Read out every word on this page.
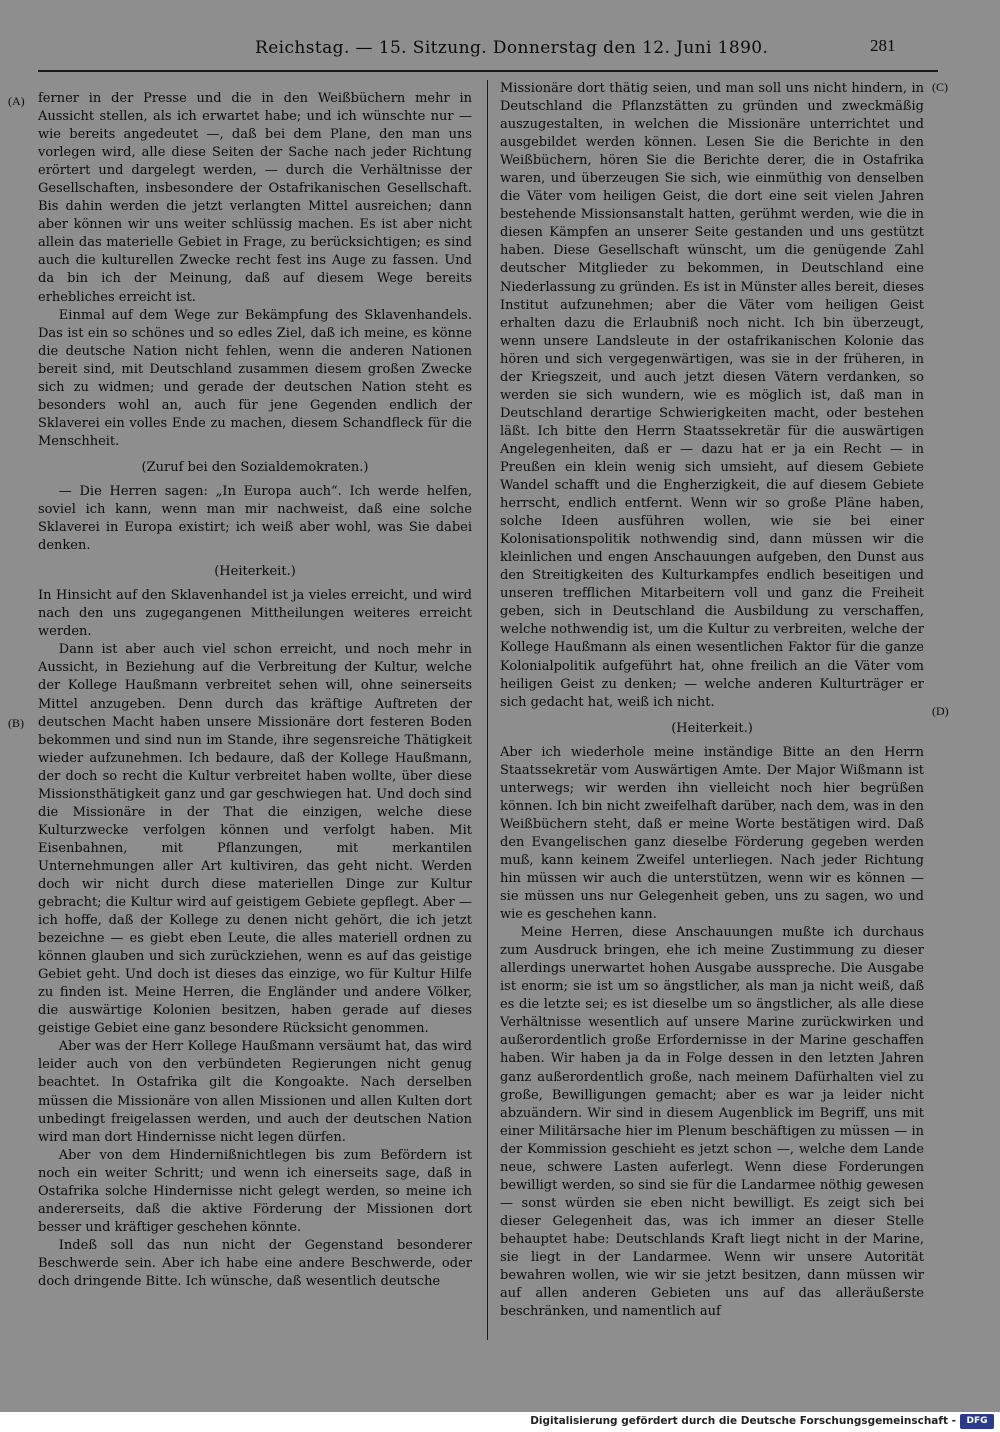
Reichstag. — 15. Sitzung. Donnerstag den 12. Juni 1890.	281
(A)
(B)
(C)
(D)

ferner in der Presse und die in den Weißbüchern mehr in Aussicht stellen, als ich erwartet habe; und ich wünschte nur — wie bereits angedeutet —, daß bei dem Plane, den man uns vorlegen wird, alle diese Seiten der Sache nach jeder Richtung erörtert und dargelegt werden, — durch die Verhältnisse der Gesellschaften, insbesondere der Ostafrikanischen Gesellschaft. Bis dahin werden die jetzt verlangten Mittel ausreichen; dann aber können wir uns weiter schlüssig machen. Es ist aber nicht allein das materielle Gebiet in Frage, zu berücksichtigen; es sind auch die kulturellen Zwecke recht fest ins Auge zu fassen. Und da bin ich der Meinung, daß auf diesem Wege bereits erhebliches erreicht ist.

Einmal auf dem Wege zur Bekämpfung des Sklavenhandels. Das ist ein so schönes und so edles Ziel, daß ich meine, es könne die deutsche Nation nicht fehlen, wenn die anderen Nationen bereit sind, mit Deutschland zusammen diesem großen Zwecke sich zu widmen; und gerade der deutschen Nation steht es besonders wohl an, auch für jene Gegenden endlich der Sklaverei ein volles Ende zu machen, diesem Schandfleck für die Menschheit.

(Zuruf bei den Sozialdemokraten.)

— Die Herren sagen: „In Europa auch“. Ich werde helfen, soviel ich kann, wenn man mir nachweist, daß eine solche Sklaverei in Europa existirt; ich weiß aber wohl, was Sie dabei denken.

(Heiterkeit.)

In Hinsicht auf den Sklavenhandel ist ja vieles erreicht, und wird nach den uns zugegangenen Mittheilungen weiteres erreicht werden.

Dann ist aber auch viel schon erreicht, und noch mehr in Aussicht, in Beziehung auf die Verbreitung der Kultur, welche der Kollege Haußmann verbreitet sehen will, ohne seinerseits Mittel anzugeben. Denn durch das kräftige Auftreten der deutschen Macht haben unsere Missionäre dort festeren Boden bekommen und sind nun im Stande, ihre segensreiche Thätigkeit wieder aufzunehmen. Ich bedaure, daß der Kollege Haußmann, der doch so recht die Kultur verbreitet haben wollte, über diese Missionsthätigkeit ganz und gar geschwiegen hat. Und doch sind die Missionäre in der That die einzigen, welche diese Kulturzwecke verfolgen können und verfolgt haben. Mit Eisenbahnen, mit Pflanzungen, mit merkantilen Unternehmungen aller Art kultiviren, das geht nicht. Werden doch wir nicht durch diese materiellen Dinge zur Kultur gebracht; die Kultur wird auf geistigem Gebiete gepflegt. Aber — ich hoffe, daß der Kollege zu denen nicht gehört, die ich jetzt bezeichne — es giebt eben Leute, die alles materiell ordnen zu können glauben und sich zurückziehen, wenn es auf das geistige Gebiet geht. Und doch ist dieses das einzige, wo für Kultur Hilfe zu finden ist. Meine Herren, die Engländer und andere Völker, die auswärtige Kolonien besitzen, haben gerade auf dieses geistige Gebiet eine ganz besondere Rücksicht genommen.

Aber was der Herr Kollege Haußmann versäumt hat, das wird leider auch von den verbündeten Regierungen nicht genug beachtet. In Ostafrika gilt die Kongoakte. Nach derselben müssen die Missionäre von allen Missionen und allen Kulten dort unbedingt freigelassen werden, und auch der deutschen Nation wird man dort Hindernisse nicht legen dürfen.

Aber von dem Hindernißnichtlegen bis zum Befördern ist noch ein weiter Schritt; und wenn ich einerseits sage, daß in Ostafrika solche Hindernisse nicht gelegt werden, so meine ich andererseits, daß die aktive Förderung der Missionen dort besser und kräftiger geschehen könnte.

Indeß soll das nun nicht der Gegenstand besonderer Beschwerde sein. Aber ich habe eine andere Beschwerde, oder doch dringende Bitte. Ich wünsche, daß wesentlich deutsche

Missionäre dort thätig seien, und man soll uns nicht hindern, in Deutschland die Pflanzstätten zu gründen und zweckmäßig auszugestalten, in welchen die Missionäre unterrichtet und ausgebildet werden können. Lesen Sie die Berichte in den Weißbüchern, hören Sie die Berichte derer, die in Ostafrika waren, und überzeugen Sie sich, wie einmüthig von denselben die Väter vom heiligen Geist, die dort eine seit vielen Jahren bestehende Missionsanstalt hatten, gerühmt werden, wie die in diesen Kämpfen an unserer Seite gestanden und uns gestützt haben. Diese Gesellschaft wünscht, um die genügende Zahl deutscher Mitglieder zu bekommen, in Deutschland eine Niederlassung zu gründen. Es ist in Münster alles bereit, dieses Institut aufzunehmen; aber die Väter vom heiligen Geist erhalten dazu die Erlaubniß noch nicht. Ich bin überzeugt, wenn unsere Landsleute in der ostafrikanischen Kolonie das hören und sich vergegenwärtigen, was sie in der früheren, in der Kriegszeit, und auch jetzt diesen Vätern verdanken, so werden sie sich wundern, wie es möglich ist, daß man in Deutschland derartige Schwierigkeiten macht, oder bestehen läßt. Ich bitte den Herrn Staatssekretär für die auswärtigen Angelegenheiten, daß er — dazu hat er ja ein Recht — in Preußen ein klein wenig sich umsieht, auf diesem Gebiete Wandel schafft und die Engherzigkeit, die auf diesem Gebiete herrscht, endlich entfernt. Wenn wir so große Pläne haben, solche Ideen ausführen wollen, wie sie bei einer Kolonisationspolitik nothwendig sind, dann müssen wir die kleinlichen und engen Anschauungen aufgeben, den Dunst aus den Streitigkeiten des Kulturkampfes endlich beseitigen und unseren trefflichen Mitarbeitern voll und ganz die Freiheit geben, sich in Deutschland die Ausbildung zu verschaffen, welche nothwendig ist, um die Kultur zu verbreiten, welche der Kollege Haußmann als einen wesentlichen Faktor für die ganze Kolonialpolitik aufgeführt hat, ohne freilich an die Väter vom heiligen Geist zu denken; — welche anderen Kulturträger er sich gedacht hat, weiß ich nicht.

(Heiterkeit.)

Aber ich wiederhole meine inständige Bitte an den Herrn Staatssekretär vom Auswärtigen Amte. Der Major Wißmann ist unterwegs; wir werden ihn vielleicht noch hier begrüßen können. Ich bin nicht zweifelhaft darüber, nach dem, was in den Weißbüchern steht, daß er meine Worte bestätigen wird. Daß den Evangelischen ganz dieselbe Förderung gegeben werden muß, kann keinem Zweifel unterliegen. Nach jeder Richtung hin müssen wir auch die unterstützen, wenn wir es können — sie müssen uns nur Gelegenheit geben, uns zu sagen, wo und wie es geschehen kann.

Meine Herren, diese Anschauungen mußte ich durchaus zum Ausdruck bringen, ehe ich meine Zustimmung zu dieser allerdings unerwartet hohen Ausgabe ausspreche. Die Ausgabe ist enorm; sie ist um so ängstlicher, als man ja nicht weiß, daß es die letzte sei; es ist dieselbe um so ängstlicher, als alle diese Verhältnisse wesentlich auf unsere Marine zurückwirken und außerordentlich große Erfordernisse in der Marine geschaffen haben. Wir haben ja da in Folge dessen in den letzten Jahren ganz außerordentlich große, nach meinem Dafürhalten viel zu große, Bewilligungen gemacht; aber es war ja leider nicht abzuändern. Wir sind in diesem Augenblick im Begriff, uns mit einer Militärsache hier im Plenum beschäftigen zu müssen — in der Kommission geschieht es jetzt schon —, welche dem Lande neue, schwere Lasten auferlegt. Wenn diese Forderungen bewilligt werden, so sind sie für die Landarmee nöthig gewesen — sonst würden sie eben nicht bewilligt. Es zeigt sich bei dieser Gelegenheit das, was ich immer an dieser Stelle behauptet habe: Deutschlands Kraft liegt nicht in der Marine, sie liegt in der Landarmee. Wenn wir unsere Autorität bewahren wollen, wie wir sie jetzt besitzen, dann müssen wir auf allen anderen Gebieten uns auf das alleräußerste beschränken, und namentlich auf

Digitalisierung gefördert durch die Deutsche Forschungsgemeinschaft -	DFG
